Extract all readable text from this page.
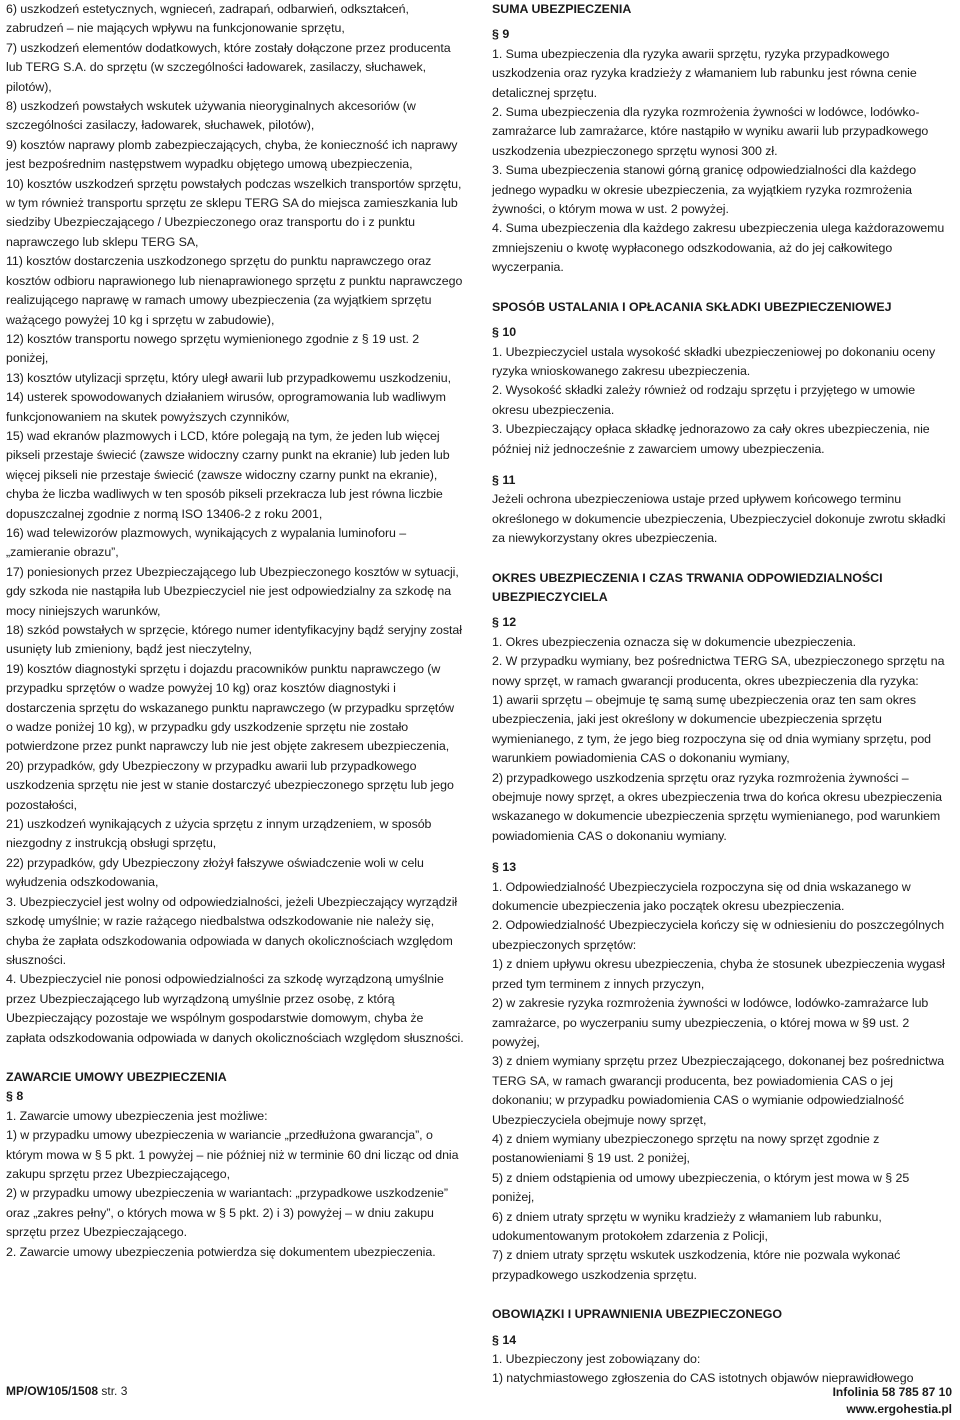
6) uszkodzeń estetycznych, wgnieceń, zadrapań, odbarwień, odkształceń, zabrudzeń – nie mających wpływu na funkcjonowanie sprzętu,

7) uszkodzeń elementów dodatkowych, które zostały dołączone przez producenta lub TERG S.A. do sprzętu (w szczególności ładowarek, zasilaczy, słuchawek, pilotów),

8) uszkodzeń powstałych wskutek używania nieoryginalnych akcesoriów (w szczególności zasilaczy, ładowarek, słuchawek, pilotów),

9) kosztów naprawy plomb zabezpieczających, chyba, że konieczność ich naprawy jest bezpośrednim następstwem wypadku objętego umową ubezpieczenia,

10) kosztów uszkodzeń sprzętu powstałych podczas wszelkich transportów sprzętu, w tym również transportu sprzętu ze sklepu TERG SA do miejsca zamieszkania lub siedziby Ubezpieczającego / Ubezpieczonego oraz transportu do i z punktu naprawczego lub sklepu TERG SA,

11) kosztów dostarczenia uszkodzonego sprzętu do punktu naprawczego oraz kosztów odbioru naprawionego lub nienaprawionego sprzętu z punktu naprawczego realizującego naprawę w ramach umowy ubezpieczenia (za wyjątkiem sprzętu ważącego powyżej 10 kg i sprzętu w zabudowie),

12) kosztów transportu nowego sprzętu wymienionego zgodnie z § 19 ust. 2 poniżej,

13) kosztów utylizacji sprzętu, który uległ awarii lub przypadkowemu uszkodzeniu,

14) usterek spowodowanych działaniem wirusów, oprogramowania lub wadliwym funkcjonowaniem na skutek powyższych czynników,

15) wad ekranów plazmowych i LCD, które polegają na tym, że jeden lub więcej pikseli przestaje świecić (zawsze widoczny czarny punkt na ekranie) lub jeden lub więcej pikseli nie przestaje świecić (zawsze widoczny czarny punkt na ekranie), chyba że liczba wadliwych w ten sposób pikseli przekracza lub jest równa liczbie dopuszczalnej zgodnie z normą ISO 13406-2 z roku 2001,

16) wad telewizorów plazmowych, wynikających z wypalania luminoforu – „zamieranie obrazu”,

17) poniesionych przez Ubezpieczającego lub Ubezpieczonego kosztów w sytuacji, gdy szkoda nie nastąpiła lub Ubezpieczyciel nie jest odpowiedzialny za szkodę na mocy niniejszych warunków,

18) szkód powstałych w sprzęcie, którego numer identyfikacyjny bądź seryjny został usunięty lub zmieniony, bądź jest nieczytelny,

19) kosztów diagnostyki sprzętu i dojazdu pracowników punktu naprawczego (w przypadku sprzętów o wadze powyżej 10 kg) oraz kosztów diagnostyki i dostarczenia sprzętu do wskazanego punktu naprawczego (w przypadku sprzętów o wadze poniżej 10 kg), w przypadku gdy uszkodzenie sprzętu nie zostało potwierdzone przez punkt naprawczy lub nie jest objęte zakresem ubezpieczenia,

20) przypadków, gdy Ubezpieczony w przypadku awarii lub przypadkowego uszkodzenia sprzętu nie jest w stanie dostarczyć ubezpieczonego sprzętu lub jego pozostałości,

21) uszkodzeń wynikających z użycia sprzętu z innym urządzeniem, w sposób niezgodny z instrukcją obsługi sprzętu,

22) przypadków, gdy Ubezpieczony złożył fałszywe oświadczenie woli w celu wyłudzenia odszkodowania,

3. Ubezpieczyciel jest wolny od odpowiedzialności, jeżeli Ubezpieczający wyrządził szkodę umyślnie; w razie rażącego niedbalstwa odszkodowanie nie należy się, chyba że zapłata odszkodowania odpowiada w danych okolicznościach względom słuszności.

4. Ubezpieczyciel nie ponosi odpowiedzialności za szkodę wyrządzoną umyślnie przez Ubezpieczającego lub wyrządzoną umyślnie przez osobę, z którą Ubezpieczający pozostaje we wspólnym gospodarstwie domowym, chyba że zapłata odszkodowania odpowiada w danych okolicznościach względom słuszności.

ZAWARCIE UMOWY UBEZPIECZENIA

§ 8

1. Zawarcie umowy ubezpieczenia jest możliwe:

1) w przypadku umowy ubezpieczenia w wariancie „przedłużona gwarancja”, o którym mowa w § 5 pkt. 1 powyżej – nie później niż w terminie 60 dni licząc od dnia zakupu sprzętu przez Ubezpieczającego,

2) w przypadku umowy ubezpieczenia w wariantach: „przypadkowe uszkodzenie” oraz „zakres pełny”, o których mowa w § 5 pkt. 2) i 3) powyżej – w dniu zakupu sprzętu przez Ubezpieczającego.

2. Zawarcie umowy ubezpieczenia potwierdza się dokumentem ubezpieczenia.

SUMA UBEZPIECZENIA

§ 9

1. Suma ubezpieczenia dla ryzyka awarii sprzętu, ryzyka przypadkowego uszkodzenia oraz ryzyka kradzieży z włamaniem lub rabunku jest równa cenie detalicznej sprzętu.

2. Suma ubezpieczenia dla ryzyka rozmrożenia żywności w lodówce, lodówko-zamrażarce lub zamrażarce, które nastąpiło w wyniku awarii lub przypadkowego uszkodzenia ubezpieczonego sprzętu wynosi 300 zł.

3. Suma ubezpieczenia stanowi górną granicę odpowiedzialności dla każdego jednego wypadku w okresie ubezpieczenia, za wyjątkiem ryzyka rozmrożenia żywności, o którym mowa w ust. 2 powyżej.

4. Suma ubezpieczenia dla każdego zakresu ubezpieczenia ulega każdorazowemu zmniejszeniu o kwotę wypłaconego odszkodowania, aż do jej całkowitego wyczerpania.

SPOSÓB USTALANIA I OPŁACANIA SKŁADKI UBEZPIECZENIOWEJ

§ 10

1. Ubezpieczyciel ustala wysokość składki ubezpieczeniowej po dokonaniu oceny ryzyka wnioskowanego zakresu ubezpieczenia.

2. Wysokość składki zależy również od rodzaju sprzętu i przyjętego w umowie okresu ubezpieczenia.

3. Ubezpieczający opłaca składkę jednorazowo za cały okres ubezpieczenia, nie później niż jednocześnie z zawarciem umowy ubezpieczenia.

§ 11

Jeżeli ochrona ubezpieczeniowa ustaje przed upływem końcowego terminu określonego w dokumencie ubezpieczenia, Ubezpieczyciel dokonuje zwrotu składki za niewykorzystany okres ubezpieczenia.

OKRES UBEZPIECZENIA I CZAS TRWANIA ODPOWIEDZIALNOŚCI UBEZPIECZYCIELA

§ 12

1. Okres ubezpieczenia oznacza się w dokumencie ubezpieczenia.

2. W przypadku wymiany, bez pośrednictwa TERG SA, ubezpieczonego sprzętu na nowy sprzęt, w ramach gwarancji producenta, okres ubezpieczenia dla ryzyka:

1) awarii sprzętu – obejmuje tę samą sumę ubezpieczenia oraz ten sam okres ubezpieczenia, jaki jest określony w dokumencie ubezpieczenia sprzętu wymienianego, z tym, że jego bieg rozpoczyna się od dnia wymiany sprzętu, pod warunkiem powiadomienia CAS o dokonaniu wymiany,

2) przypadkowego uszkodzenia sprzętu oraz ryzyka rozmrożenia żywności – obejmuje nowy sprzęt, a okres ubezpieczenia trwa do końca okresu ubezpieczenia wskazanego w dokumencie ubezpieczenia sprzętu wymienianego, pod warunkiem powiadomienia CAS o dokonaniu wymiany.

§ 13

1. Odpowiedzialność Ubezpieczyciela rozpoczyna się od dnia wskazanego w dokumencie ubezpieczenia jako początek okresu ubezpieczenia.

2. Odpowiedzialność Ubezpieczyciela kończy się w odniesieniu do poszczególnych ubezpieczonych sprzętów:

1) z dniem upływu okresu ubezpieczenia, chyba że stosunek ubezpieczenia wygasł przed tym terminem z innych przyczyn,

2) w zakresie ryzyka rozmrożenia żywności w lodówce, lodówko-zamrażarce lub zamrażarce, po wyczerpaniu sumy ubezpieczenia, o której mowa w §9 ust. 2 powyżej,

3) z dniem wymiany sprzętu przez Ubezpieczającego, dokonanej bez pośrednictwa TERG SA, w ramach gwarancji producenta, bez powiadomienia CAS o jej dokonaniu; w przypadku powiadomienia CAS o wymianie odpowiedzialność Ubezpieczyciela obejmuje nowy sprzęt,

4) z dniem wymiany ubezpieczonego sprzętu na nowy sprzęt zgodnie z postanowieniami § 19 ust. 2 poniżej,

5) z dniem odstąpienia od umowy ubezpieczenia, o którym jest mowa w § 25 poniżej,

6) z dniem utraty sprzętu w wyniku kradzieży z włamaniem lub rabunku, udokumentowanym protokołem zdarzenia z Policji,

7) z dniem utraty sprzętu wskutek uszkodzenia, które nie pozwala wykonać przypadkowego uszkodzenia sprzętu.

OBOWIĄZKI I UPRAWNIENIA UBEZPIECZONEGO

§ 14

1. Ubezpieczony jest zobowiązany do:

1) natychmiastowego zgłoszenia do CAS istotnych objawów nieprawidłowego

MP/OW105/1508 str. 3	Infolinia 58 785 87 10
www.ergohestia.pl
